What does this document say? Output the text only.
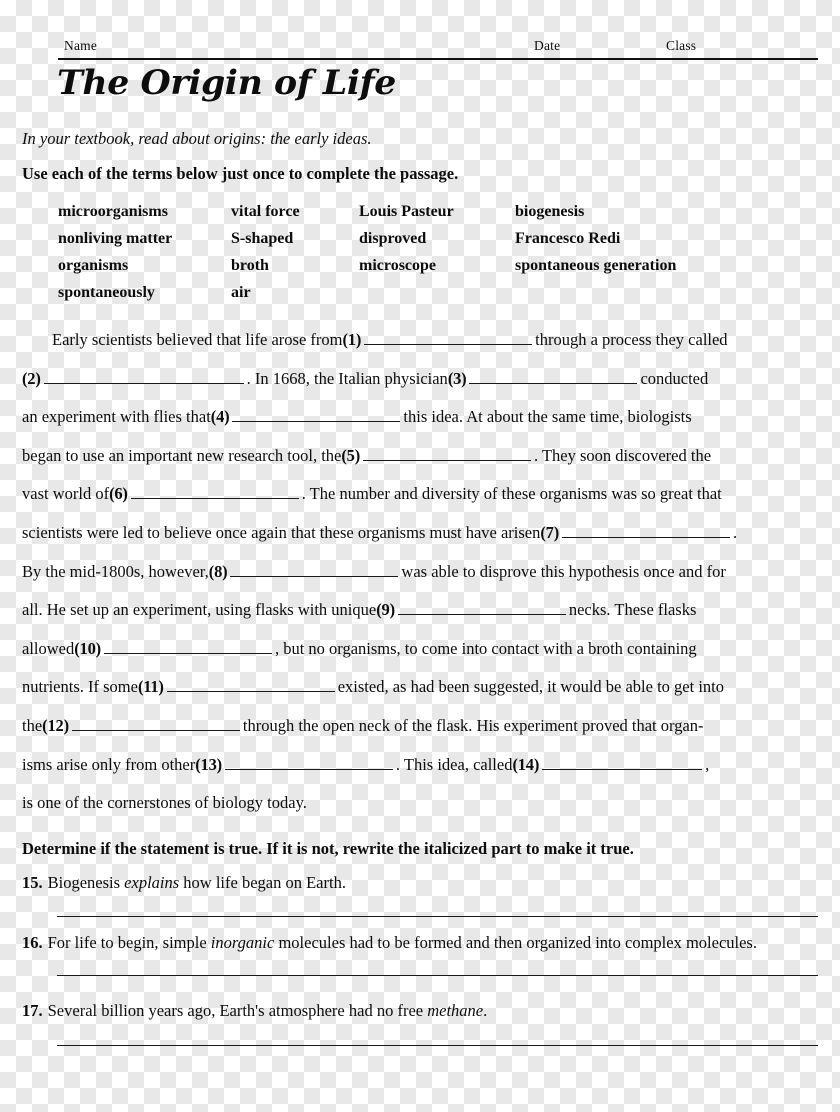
Name	Date	Class
The Origin of Life
In your textbook, read about origins: the early ideas.
Use each of the terms below just once to complete the passage.
microorganisms	vital force	Louis Pasteur	biogenesis
nonliving matter	S-shaped	disproved	Francesco Redi
organisms	broth	microscope	spontaneous generation
spontaneously	air
Early scientists believed that life arose from(1)	through a process they called
(2)	. In 1668, the Italian physician(3)	conducted
an experiment with flies that(4)	this idea. At about the same time, biologists
began to use an important new research tool, the(5)	. They soon discovered the
vast world of(6)	. The number and diversity of these organisms was so great that
scientists were led to believe once again that these organisms must have arisen(7)	.
By the mid-1800s, however,(8)	was able to disprove this hypothesis once and for
all. He set up an experiment, using flasks with unique(9)	necks. These flasks
allowed(10)	, but no organisms, to come into contact with a broth containing
nutrients. If some(11)	existed, as had been suggested, it would be able to get into
the(12)	through the open neck of the flask. His experiment proved that organ-
isms arise only from other(13)	. This idea, called(14)	,
is one of the cornerstones of biology today.
Determine if the statement is true. If it is not, rewrite the italicized part to make it true.
15. Biogenesis explains how life began on Earth.
16. For life to begin, simple inorganic molecules had to be formed and then organized into complex molecules.
17. Several billion years ago, Earth's atmosphere had no free methane.
